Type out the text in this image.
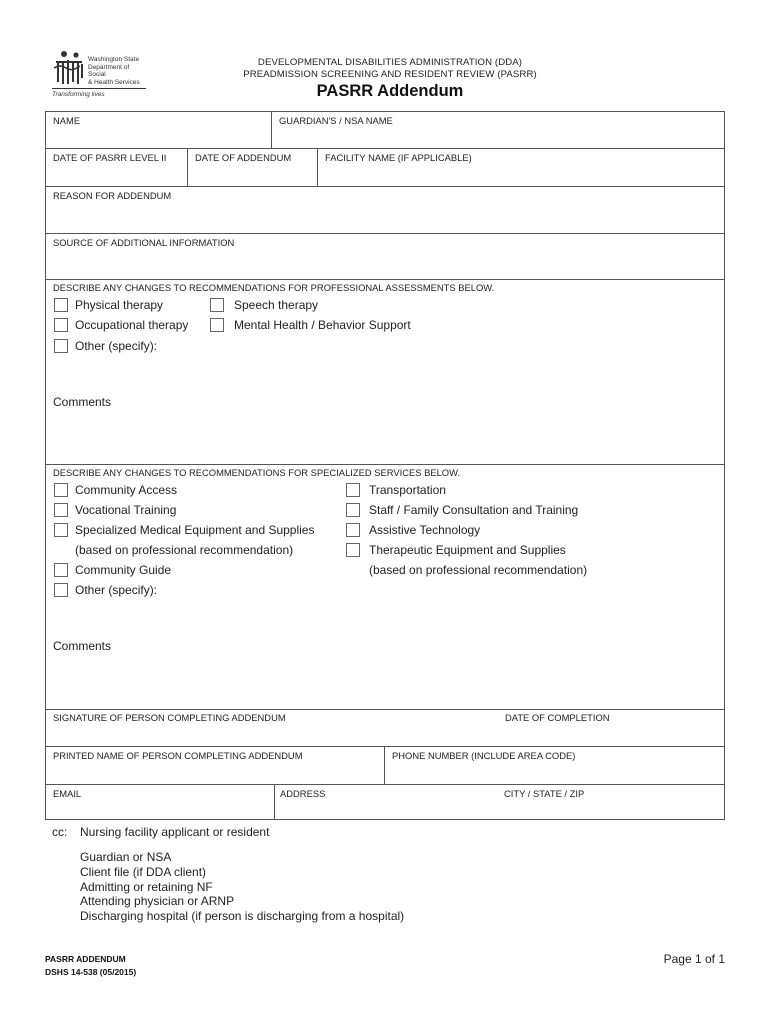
Washington State
Department of Social
& Health Services
Transforming lives
DEVELOPMENTAL DISABILITIES ADMINISTRATION (DDA)
PREADMISSION SCREENING AND RESIDENT REVIEW (PASRR)
PASRR Addendum
NAME	GUARDIAN'S / NSA NAME
DATE OF PASRR LEVEL II	DATE OF ADDENDUM	FACILITY NAME (IF APPLICABLE)
REASON FOR ADDENDUM
SOURCE OF ADDITIONAL INFORMATION
DESCRIBE ANY CHANGES TO RECOMMENDATIONS FOR PROFESSIONAL ASSESSMENTS BELOW.
Physical therapy	Speech therapy
Occupational therapy	Mental Health / Behavior Support
Other (specify):
Comments
DESCRIBE ANY CHANGES TO RECOMMENDATIONS FOR SPECIALIZED SERVICES BELOW.
Community Access	Transportation
Vocational Training	Staff / Family Consultation and Training
Specialized Medical Equipment and Supplies	Assistive Technology
(based on professional recommendation)	Therapeutic Equipment and Supplies
Community Guide	(based on professional recommendation)
Other (specify):
Comments
SIGNATURE OF PERSON COMPLETING ADDENDUM	DATE OF COMPLETION
PRINTED NAME OF PERSON COMPLETING ADDENDUM	PHONE NUMBER (INCLUDE AREA CODE)
EMAIL	ADDRESS	CITY / STATE / ZIP
cc: Nursing facility applicant or resident
Guardian or NSA
Client file (if DDA client)
Admitting or retaining NF
Attending physician or ARNP
Discharging hospital (if person is discharging from a hospital)
PASRR ADDENDUM
DSHS 14-538 (05/2015)
Page 1 of 1
